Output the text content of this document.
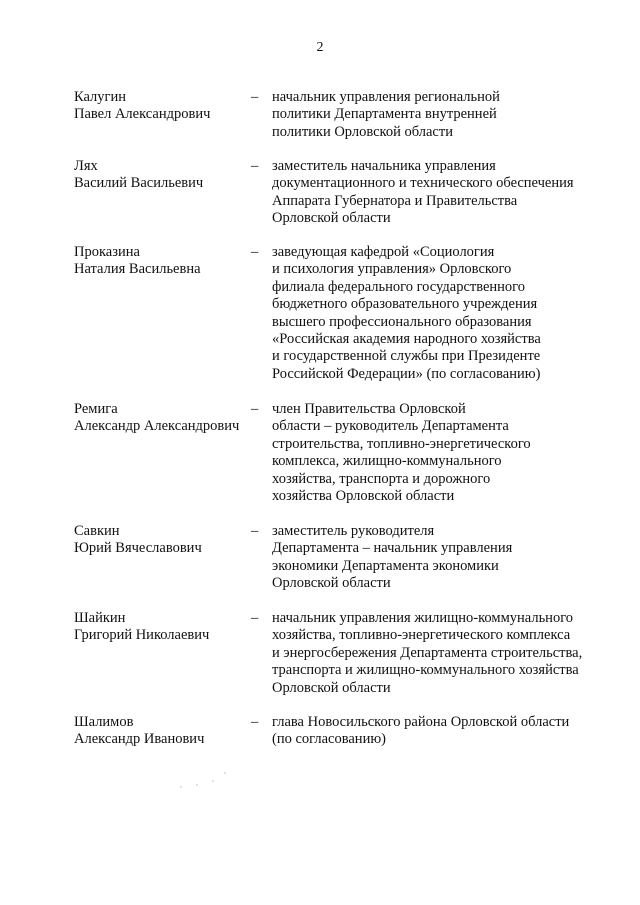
2
Калугин
Павел Александрович
– начальник управления региональной
политики Департамента внутренней
политики Орловской области
Лях
Василий Васильевич
– заместитель начальника управления
документационного и технического обеспечения
Аппарата Губернатора и Правительства
Орловской области
Проказина
Наталия Васильевна
– заведующая кафедрой «Социология
и психология управления» Орловского
филиала федерального государственного
бюджетного образовательного учреждения
высшего профессионального образования
«Российская академия народного хозяйства
и государственной службы при Президенте
Российской Федерации» (по согласованию)
Ремига
Александр Александрович
– член Правительства Орловской
области – руководитель Департамента
строительства, топливно-энергетического
комплекса, жилищно-коммунального
хозяйства, транспорта и дорожного
хозяйства Орловской области
Савкин
Юрий Вячеславович
– заместитель руководителя
Департамента – начальник управления
экономики Департамента экономики
Орловской области
Шайкин
Григорий Николаевич
– начальник управления жилищно-коммунального
хозяйства, топливно-энергетического комплекса
и энергосбережения Департамента строительства,
транспорта и жилищно-коммунального хозяйства
Орловской области
Шалимов
Александр Иванович
– глава Новосильского района Орловской области
(по согласованию)
